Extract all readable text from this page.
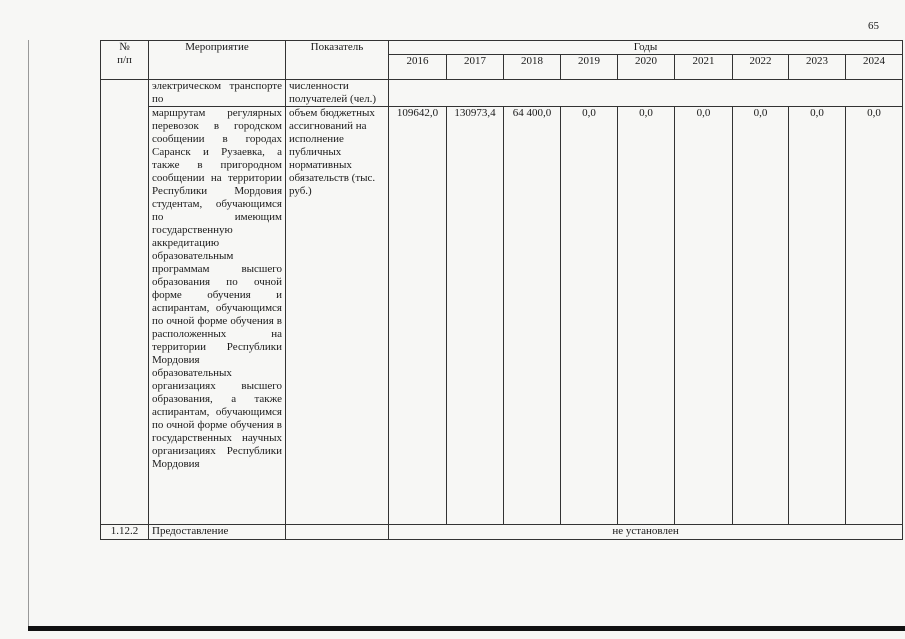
65
№
п/п	Мероприятие	Показатель	Годы								
			2016	2017	2018	2019	2020	2021	2022	2023	2024
	электрическом транспорте по	численности получателей (чел.)									
	маршрутам регулярных перевозок в городском сообщении в городах Саранск и Рузаевка, а также в пригородном сообщении на территории Республики Мордовия студентам, обучающимся по имеющим государственную аккредитацию образовательным программам высшего образования по очной форме обучения и аспирантам, обучающимся по очной форме обучения в расположенных на территории Республики Мордовия образовательных организациях высшего образования, а также аспирантам, обучающимся по очной форме обучения в государственных научных организациях Республики Мордовия	объем бюджетных ассигнований на исполнение публичных нормативных обязательств (тыс. руб.)	109642,0	130973,4	64 400,0	0,0	0,0	0,0	0,0	0,0	0,0
1.12.2	Предоставление		не установлен								
